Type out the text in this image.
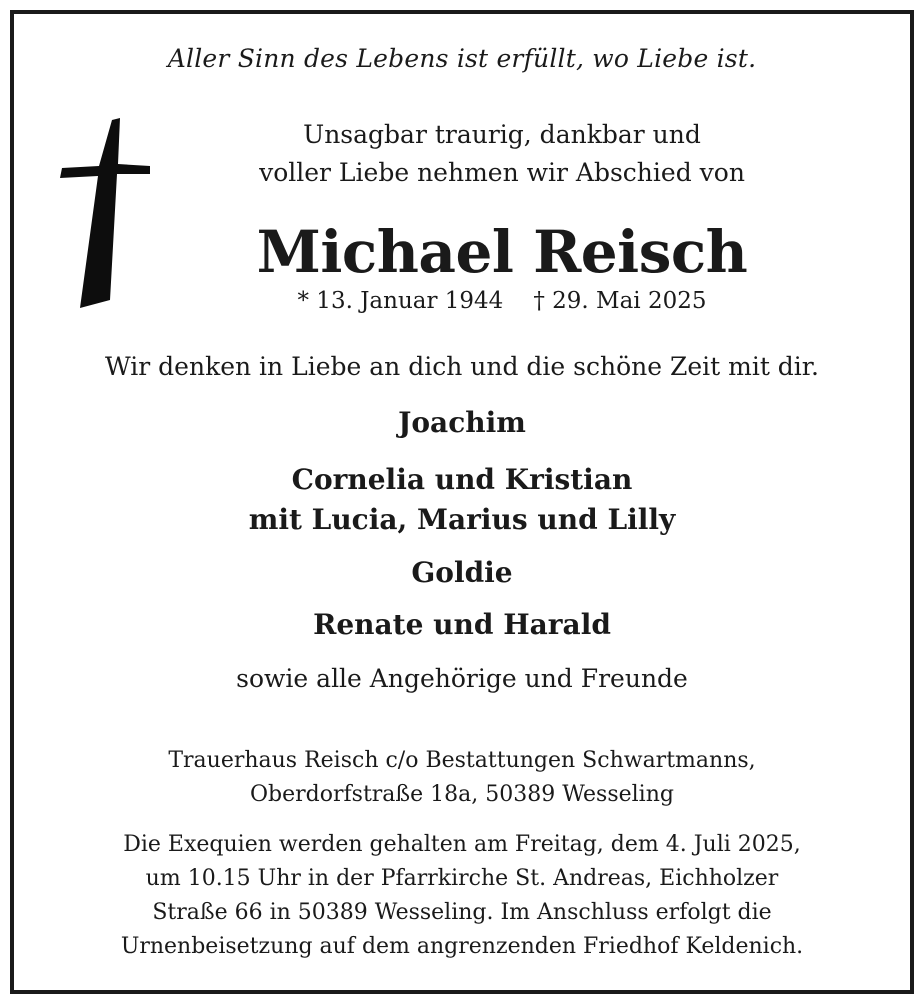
Aller Sinn des Lebens ist erfüllt, wo Liebe ist.
Unsagbar traurig, dankbar und
voller Liebe nehmen wir Abschied von
Michael Reisch
* 13. Januar 1944 † 29. Mai 2025
Wir denken in Liebe an dich und die schöne Zeit mit dir.
Joachim
Cornelia und Kristian
mit Lucia, Marius und Lilly
Goldie
Renate und Harald
sowie alle Angehörige und Freunde
Trauerhaus Reisch c/o Bestattungen Schwartmanns,
Oberdorfstraße 18a, 50389 Wesseling
Die Exequien werden gehalten am Freitag, dem 4. Juli 2025,
um 10.15 Uhr in der Pfarrkirche St. Andreas, Eichholzer
Straße 66 in 50389 Wesseling. Im Anschluss erfolgt die
Urnenbeisetzung auf dem angrenzenden Friedhof Keldenich.
